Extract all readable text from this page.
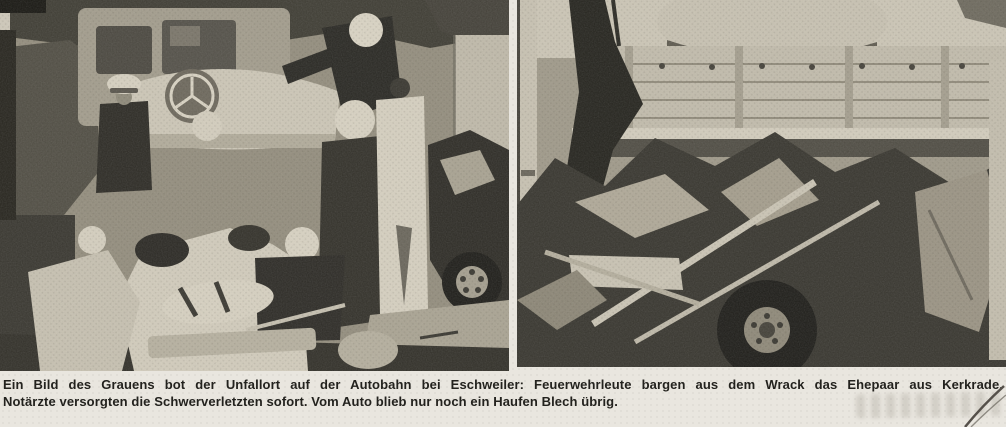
Ein Bild des Grauens bot der Unfallort auf der Autobahn bei Eschweiler: Feuerwehrleute bargen aus dem Wrack das Ehepaar aus Kerkrade.
Notärzte versorgten die Schwerverletzten sofort. Vom Auto blieb nur noch ein Haufen Blech übrig.
